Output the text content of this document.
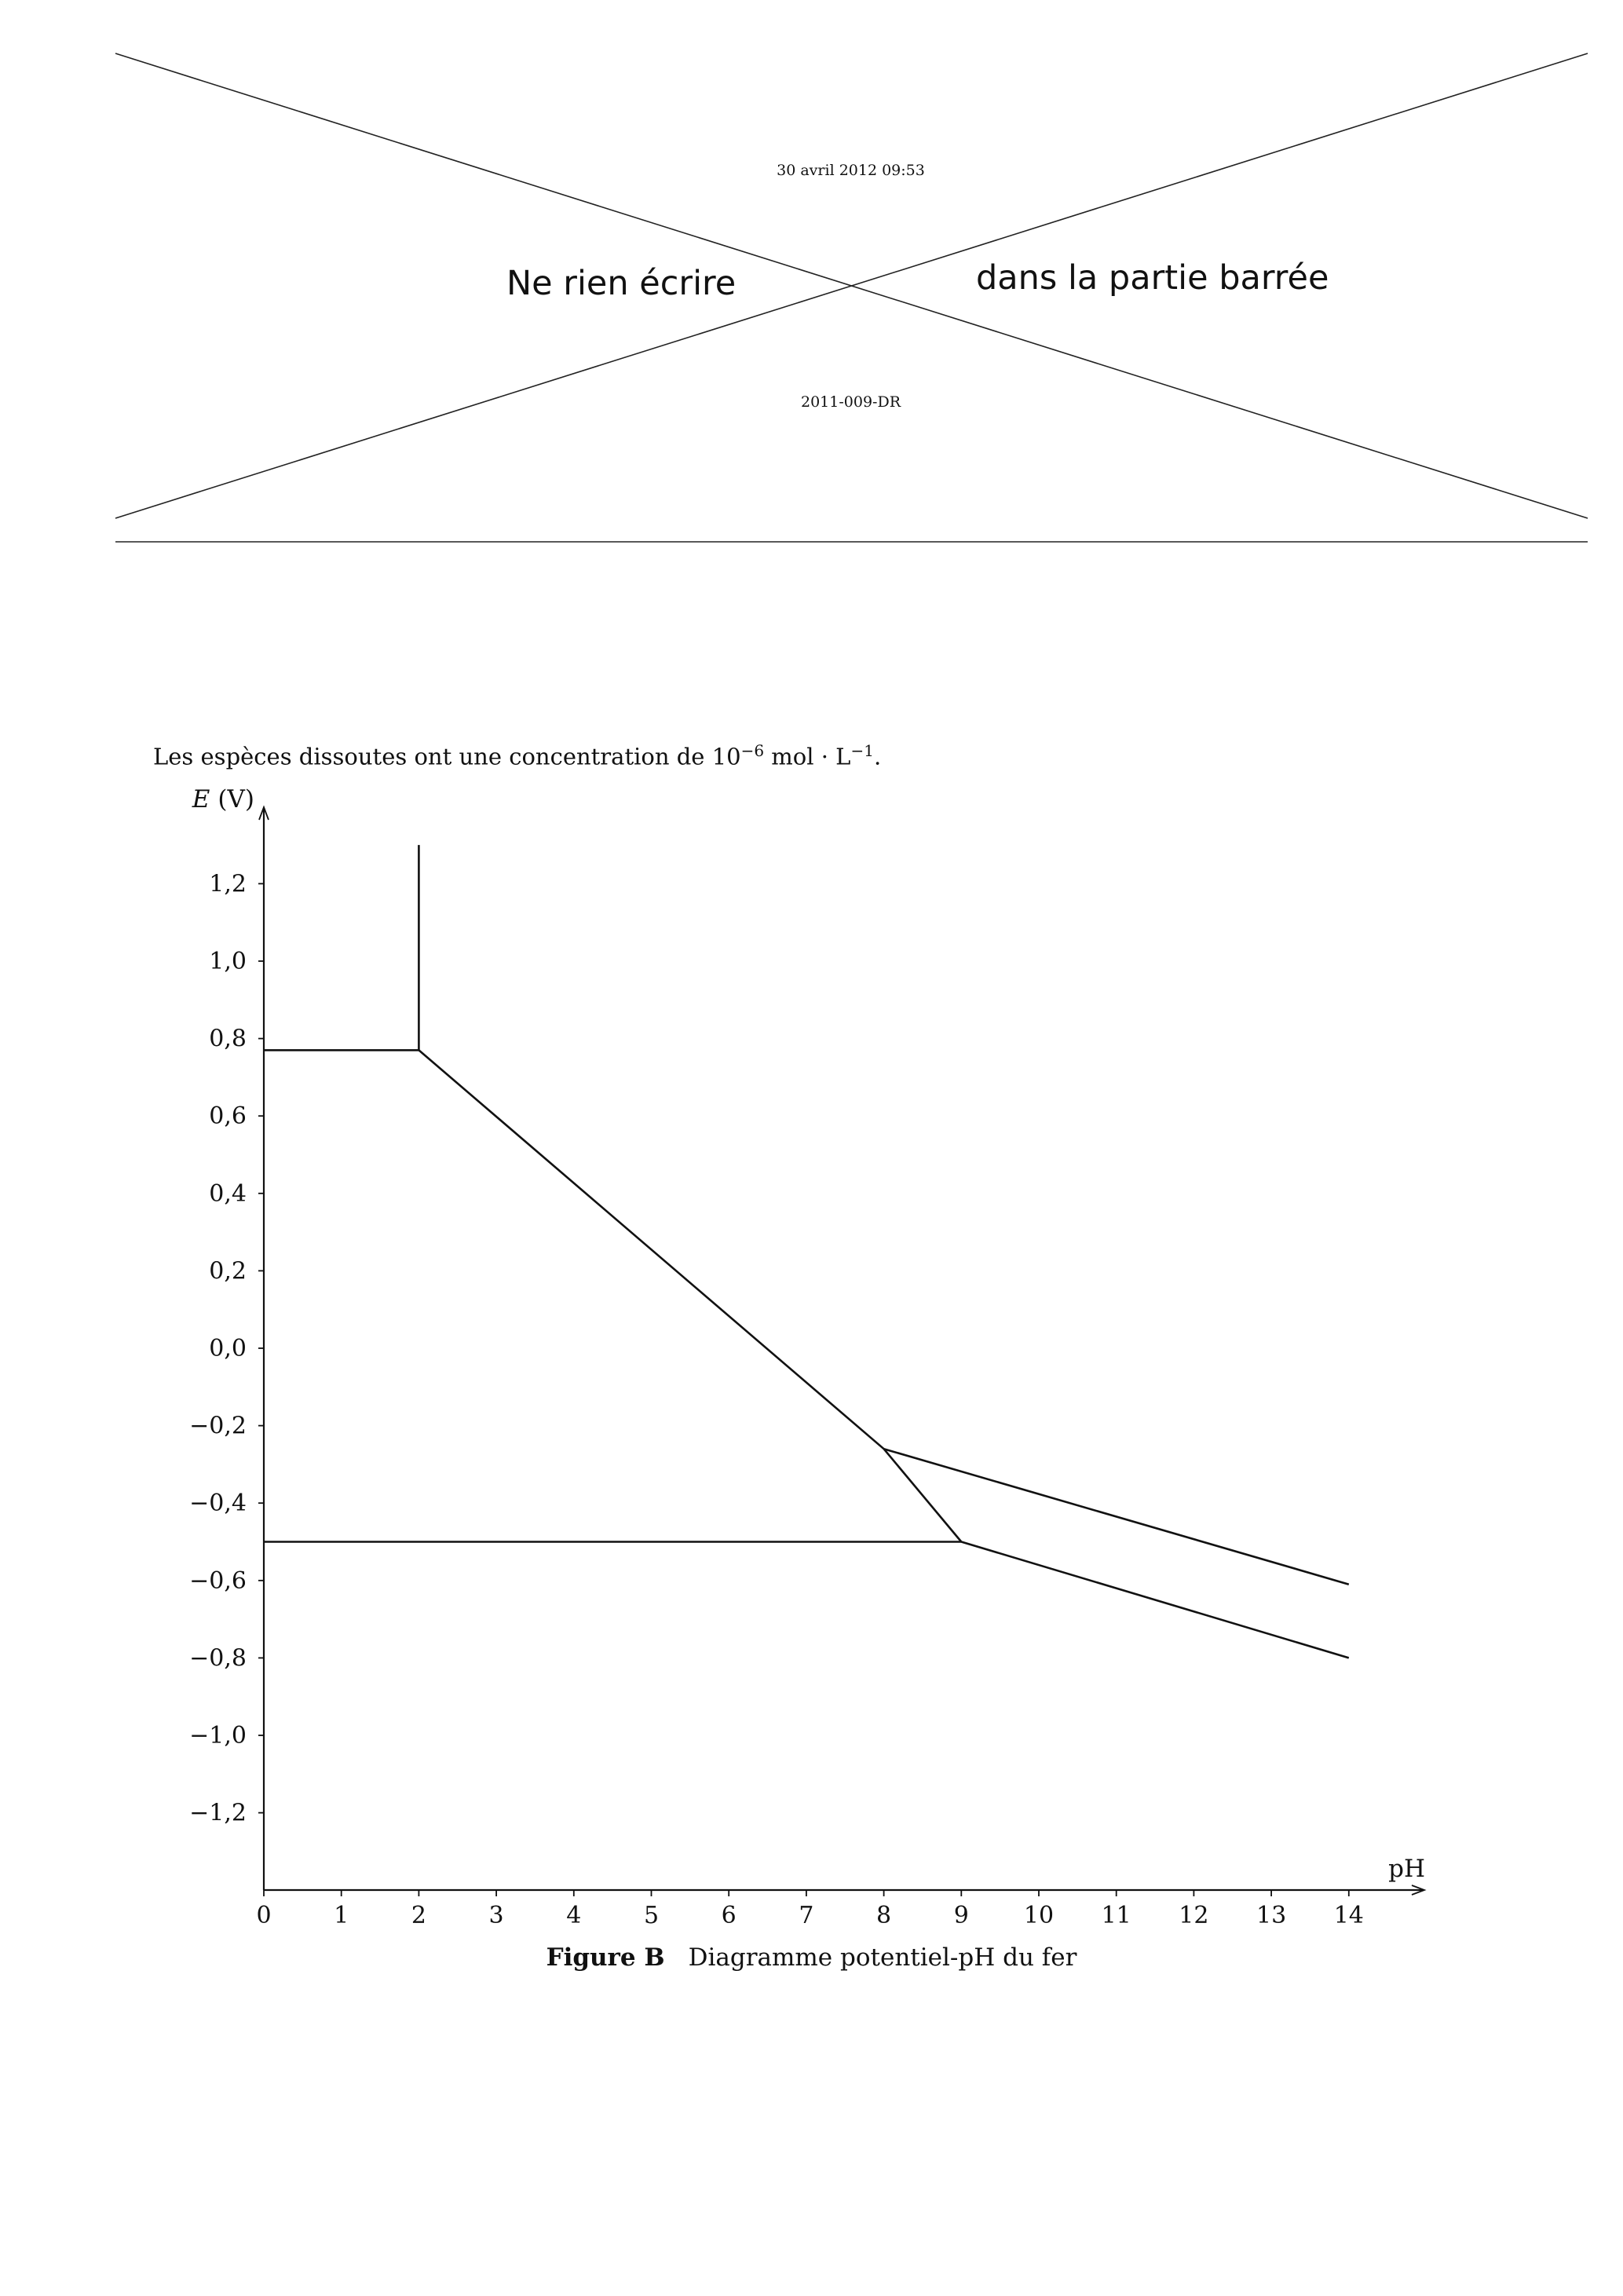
30 avril 2012 09:53
Ne rien écrire	dans la partie barrée
2011-009-DR
Les espèces dissoutes ont une concentration de $10^{-6}$ mol · $L^{-1}$.
E (V)
pH
0	1	2	3	4	5	6	7	8	9 10 11 12 13 14
1,2
1,0
0,8
0,6
0,4
0,2
0,0
−0,2
−0,4
−0,6
−0,8
−1,0
−1,2
Figure B Diagramme potentiel-pH du fer
